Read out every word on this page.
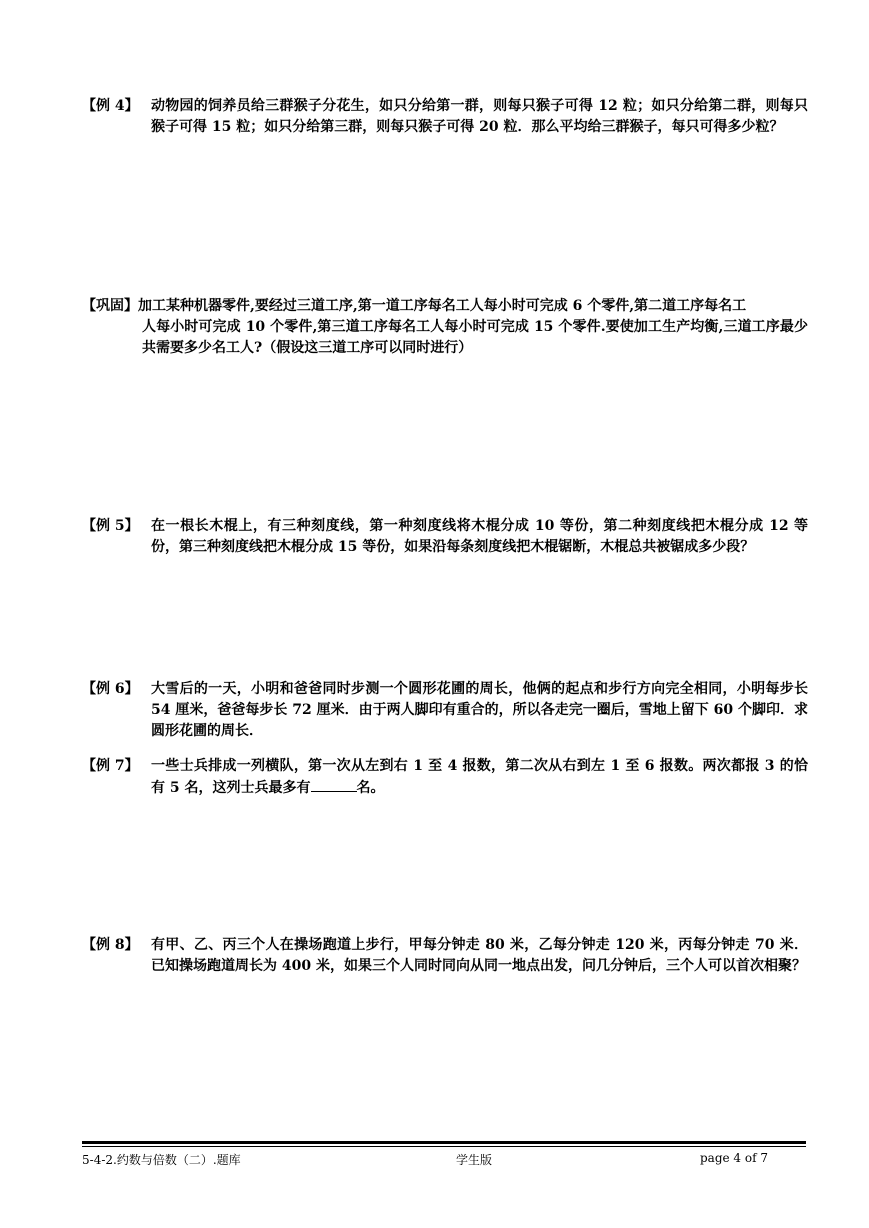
【例 4】 动物园的饲养员给三群猴子分花生，如只分给第一群，则每只猴子可得 12 粒；如只分给第二群，则每只猴子可得 15 粒；如只分给第三群，则每只猴子可得 20 粒．那么平均给三群猴子，每只可得多少粒？
【巩固】加工某种机器零件,要经过三道工序,第一道工序每名工人每小时可完成 6 个零件,第二道工序每名工
人每小时可完成 10 个零件,第三道工序每名工人每小时可完成 15 个零件.要使加工生产均衡,三道工序最少共需要多少名工人?（假设这三道工序可以同时进行）
【例 5】 在一根长木棍上，有三种刻度线，第一种刻度线将木棍分成 10 等份，第二种刻度线把木棍分成 12 等份，第三种刻度线把木棍分成 15 等份，如果沿每条刻度线把木棍锯断，木棍总共被锯成多少段？
【例 6】 大雪后的一天，小明和爸爸同时步测一个圆形花圃的周长，他俩的起点和步行方向完全相同，小明每步长 54 厘米，爸爸每步长 72 厘米．由于两人脚印有重合的，所以各走完一圈后，雪地上留下 60 个脚印．求圆形花圃的周长．
【例 7】 一些士兵排成一列横队，第一次从左到右 1 至 4 报数，第二次从右到左 1 至 6 报数。两次都报 3 的恰有 5 名，这列士兵最多有	名。
【例 8】 有甲、乙、丙三个人在操场跑道上步行，甲每分钟走 80 米，乙每分钟走 120 米，丙每分钟走 70 米．已知操场跑道周长为 400 米，如果三个人同时同向从同一地点出发，问几分钟后，三个人可以首次相聚？
5-4-2.约数与倍数（二）.题库	学生版	page 4 of 7
